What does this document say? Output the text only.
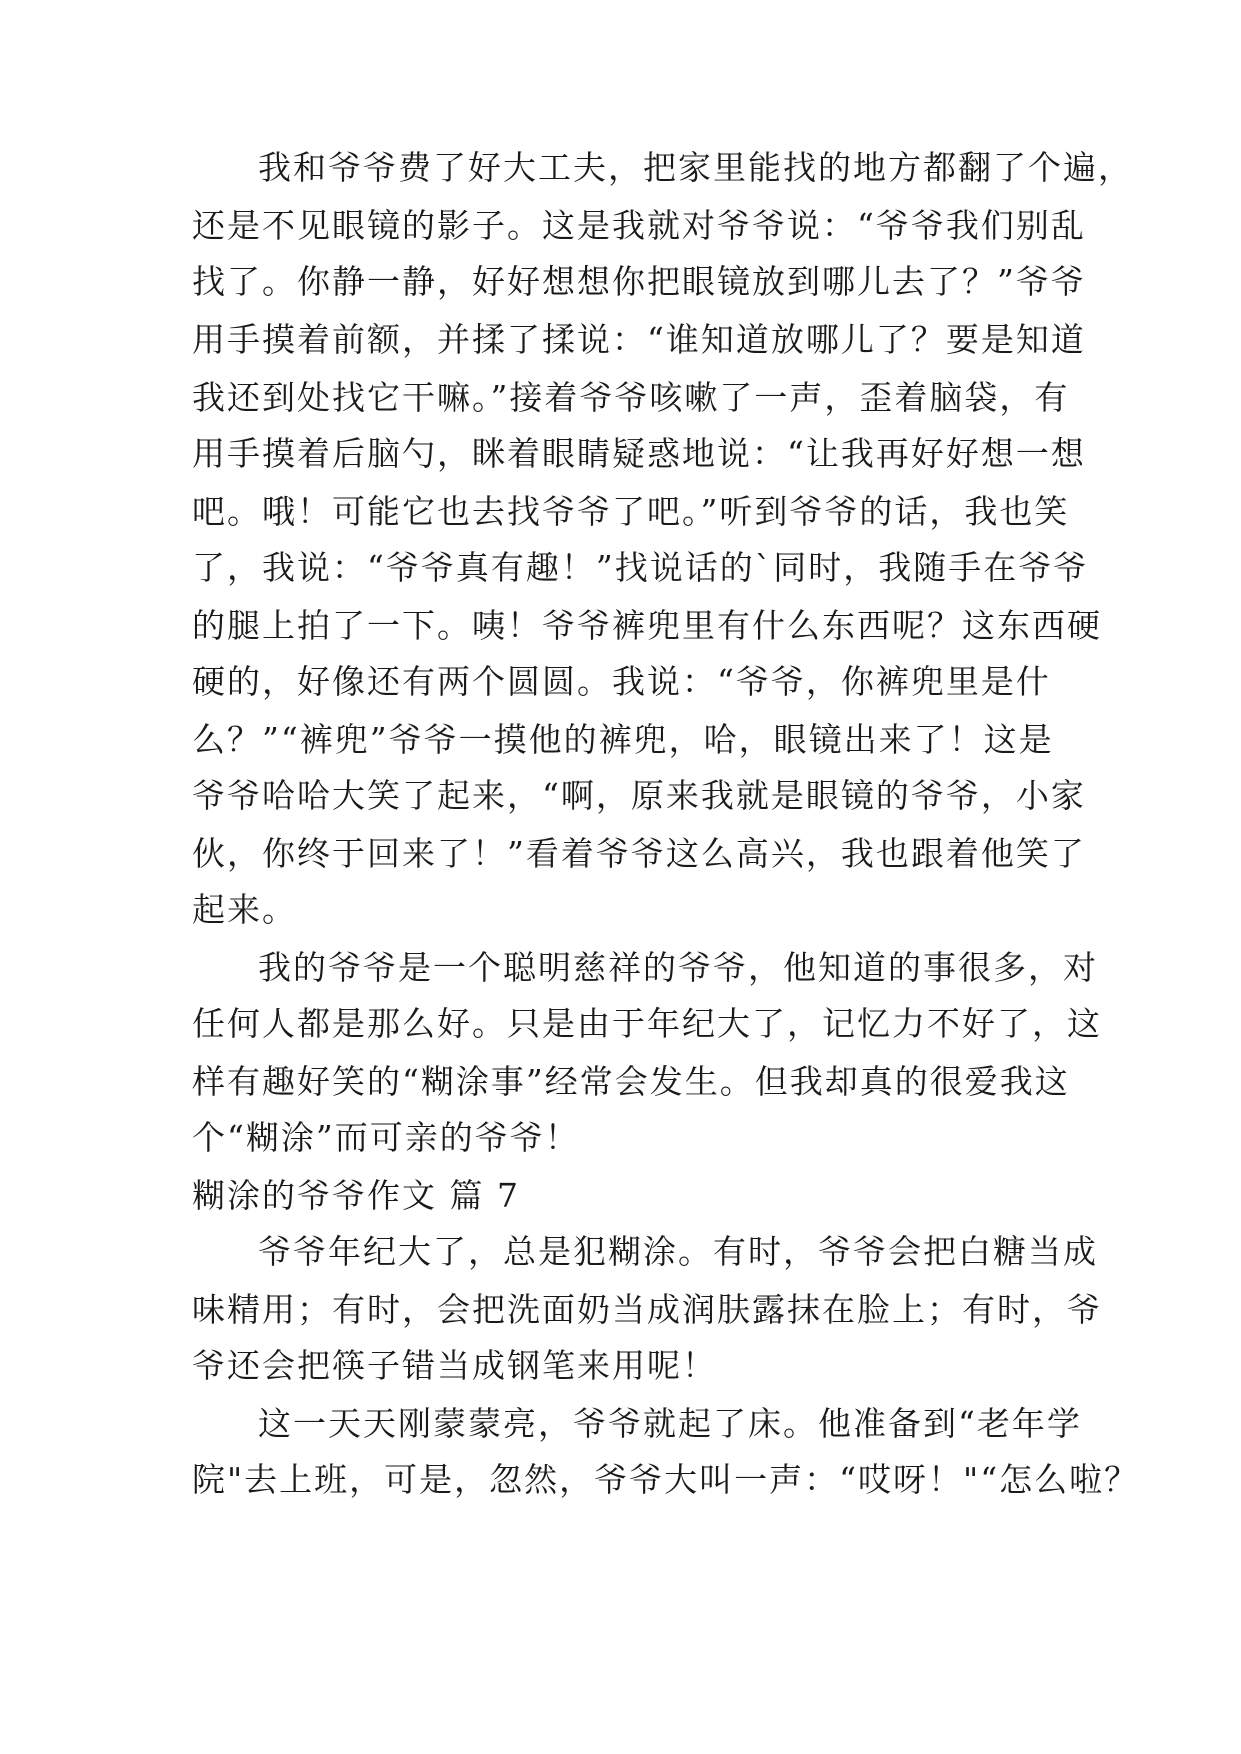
我和爷爷费了好大工夫，把家里能找的地方都翻了个遍，
还是不见眼镜的影子。这是我就对爷爷说：“爷爷我们别乱
找了。你静一静，好好想想你把眼镜放到哪儿去了？”爷爷
用手摸着前额，并揉了揉说：“谁知道放哪儿了？要是知道
我还到处找它干嘛。”接着爷爷咳嗽了一声，歪着脑袋，有
用手摸着后脑勺，眯着眼睛疑惑地说：“让我再好好想一想
吧。哦！可能它也去找爷爷了吧。”听到爷爷的话，我也笑
了，我说：“爷爷真有趣！”找说话的`同时，我随手在爷爷
的腿上拍了一下。咦！爷爷裤兜里有什么东西呢？这东西硬
硬的，好像还有两个圆圆。我说：“爷爷，你裤兜里是什
么？”“裤兜”爷爷一摸他的裤兜，哈，眼镜出来了！这是
爷爷哈哈大笑了起来，“啊，原来我就是眼镜的爷爷，小家
伙，你终于回来了！”看着爷爷这么高兴，我也跟着他笑了
起来。
我的爷爷是一个聪明慈祥的爷爷，他知道的事很多，对
任何人都是那么好。只是由于年纪大了，记忆力不好了，这
样有趣好笑的“糊涂事”经常会发生。但我却真的很爱我这
个“糊涂”而可亲的爷爷！
糊涂的爷爷作文 篇 7
爷爷年纪大了，总是犯糊涂。有时，爷爷会把白糖当成
味精用；有时，会把洗面奶当成润肤露抹在脸上；有时，爷
爷还会把筷子错当成钢笔来用呢！
这一天天刚蒙蒙亮，爷爷就起了床。他准备到“老年学
院"去上班，可是，忽然，爷爷大叫一声：“哎呀！"“怎么啦？
